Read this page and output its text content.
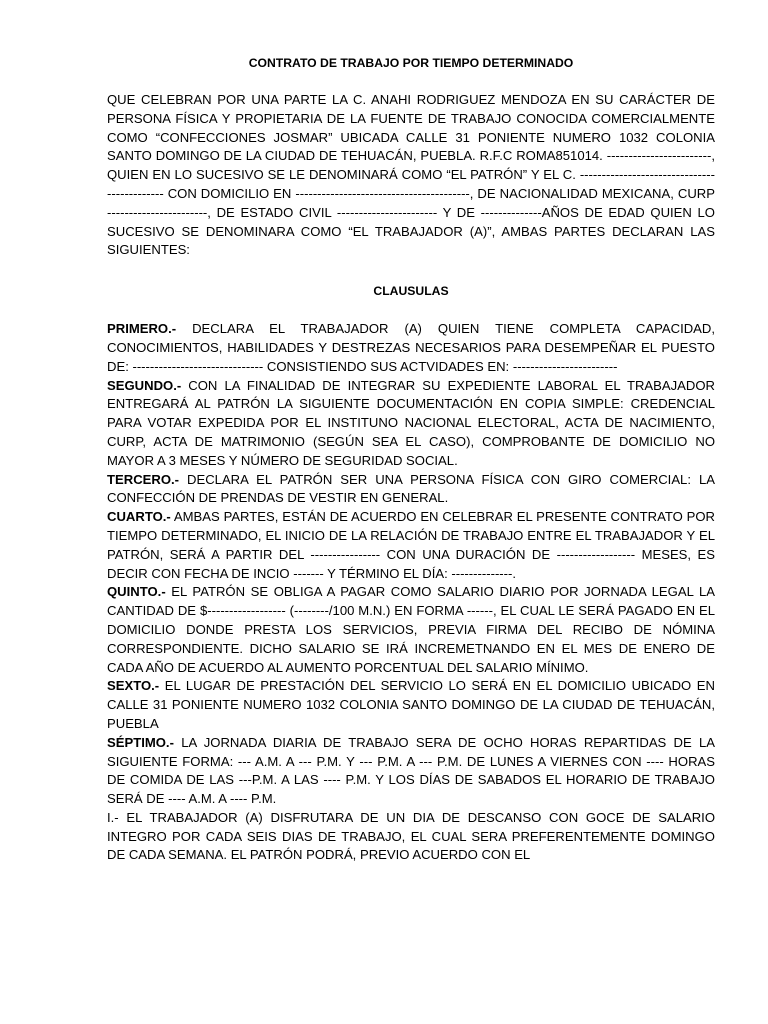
CONTRATO DE TRABAJO POR TIEMPO DETERMINADO

QUE CELEBRAN POR UNA PARTE LA C. ANAHI RODRIGUEZ MENDOZA EN SU CARÁCTER DE PERSONA FÍSICA Y PROPIETARIA DE LA FUENTE DE TRABAJO CONOCIDA COMERCIALMENTE COMO “CONFECCIONES JOSMAR” UBICADA CALLE 31 PONIENTE NUMERO 1032 COLONIA SANTO DOMINGO DE LA CIUDAD DE TEHUACÁN, PUEBLA. R.F.C ROMA851014. ------------------------, QUIEN EN LO SUCESIVO SE LE DENOMINARÁ COMO “EL PATRÓN” Y EL C. -------------------------------------------- CON DOMICILIO EN ----------------------------------------, DE NACIONALIDAD MEXICANA, CURP -----------------------, DE ESTADO CIVIL ----------------------- Y DE --------------AÑOS DE EDAD QUIEN LO SUCESIVO SE DENOMINARA COMO “EL TRABAJADOR (A)”, AMBAS PARTES DECLARAN LAS SIGUIENTES:

CLAUSULAS

PRIMERO.- DECLARA EL TRABAJADOR (A) QUIEN TIENE COMPLETA CAPACIDAD, CONOCIMIENTOS, HABILIDADES Y DESTREZAS NECESARIOS PARA DESEMPEÑAR EL PUESTO DE: ------------------------------ CONSISTIENDO SUS ACTVIDADES EN: ------------------------

SEGUNDO.- CON LA FINALIDAD DE INTEGRAR SU EXPEDIENTE LABORAL EL TRABAJADOR ENTREGARÁ AL PATRÓN LA SIGUIENTE DOCUMENTACIÓN EN COPIA SIMPLE: CREDENCIAL PARA VOTAR EXPEDIDA POR EL INSTITUNO NACIONAL ELECTORAL, ACTA DE NACIMIENTO, CURP, ACTA DE MATRIMONIO (SEGÚN SEA EL CASO), COMPROBANTE DE DOMICILIO NO MAYOR A 3 MESES Y NÚMERO DE SEGURIDAD SOCIAL.

TERCERO.- DECLARA EL PATRÓN SER UNA PERSONA FÍSICA CON GIRO COMERCIAL: LA CONFECCIÓN DE PRENDAS DE VESTIR EN GENERAL.

CUARTO.- AMBAS PARTES, ESTÁN DE ACUERDO EN CELEBRAR EL PRESENTE CONTRATO POR TIEMPO DETERMINADO, EL INICIO DE LA RELACIÓN DE TRABAJO ENTRE EL TRABAJADOR Y EL PATRÓN, SERÁ A PARTIR DEL ---------------- CON UNA DURACIÓN DE ------------------ MESES, ES DECIR CON FECHA DE INCIO ------- Y TÉRMINO EL DÍA: --------------.

QUINTO.- EL PATRÓN SE OBLIGA A PAGAR COMO SALARIO DIARIO POR JORNADA LEGAL LA CANTIDAD DE $------------------ (--------/100 M.N.) EN FORMA ------, EL CUAL LE SERÁ PAGADO EN EL DOMICILIO DONDE PRESTA LOS SERVICIOS, PREVIA FIRMA DEL RECIBO DE NÓMINA CORRESPONDIENTE. DICHO SALARIO SE IRÁ INCREMETNANDO EN EL MES DE ENERO DE CADA AÑO DE ACUERDO AL AUMENTO PORCENTUAL DEL SALARIO MÍNIMO.

SEXTO.- EL LUGAR DE PRESTACIÓN DEL SERVICIO LO SERÁ EN EL DOMICILIO UBICADO EN CALLE 31 PONIENTE NUMERO 1032 COLONIA SANTO DOMINGO DE LA CIUDAD DE TEHUACÁN, PUEBLA

SÉPTIMO.- LA JORNADA DIARIA DE TRABAJO SERA DE OCHO HORAS REPARTIDAS DE LA SIGUIENTE FORMA: --- A.M. A --- P.M. Y --- P.M. A --- P.M. DE LUNES A VIERNES CON ---- HORAS DE COMIDA DE LAS ---P.M. A LAS ---- P.M. Y LOS DÍAS DE SABADOS EL HORARIO DE TRABAJO SERÁ DE ---- A.M. A ---- P.M.

I.- EL TRABAJADOR (A) DISFRUTARA DE UN DIA DE DESCANSO CON GOCE DE SALARIO INTEGRO POR CADA SEIS DIAS DE TRABAJO, EL CUAL SERA PREFERENTEMENTE DOMINGO DE CADA SEMANA. EL PATRÓN PODRÁ, PREVIO ACUERDO CON EL
